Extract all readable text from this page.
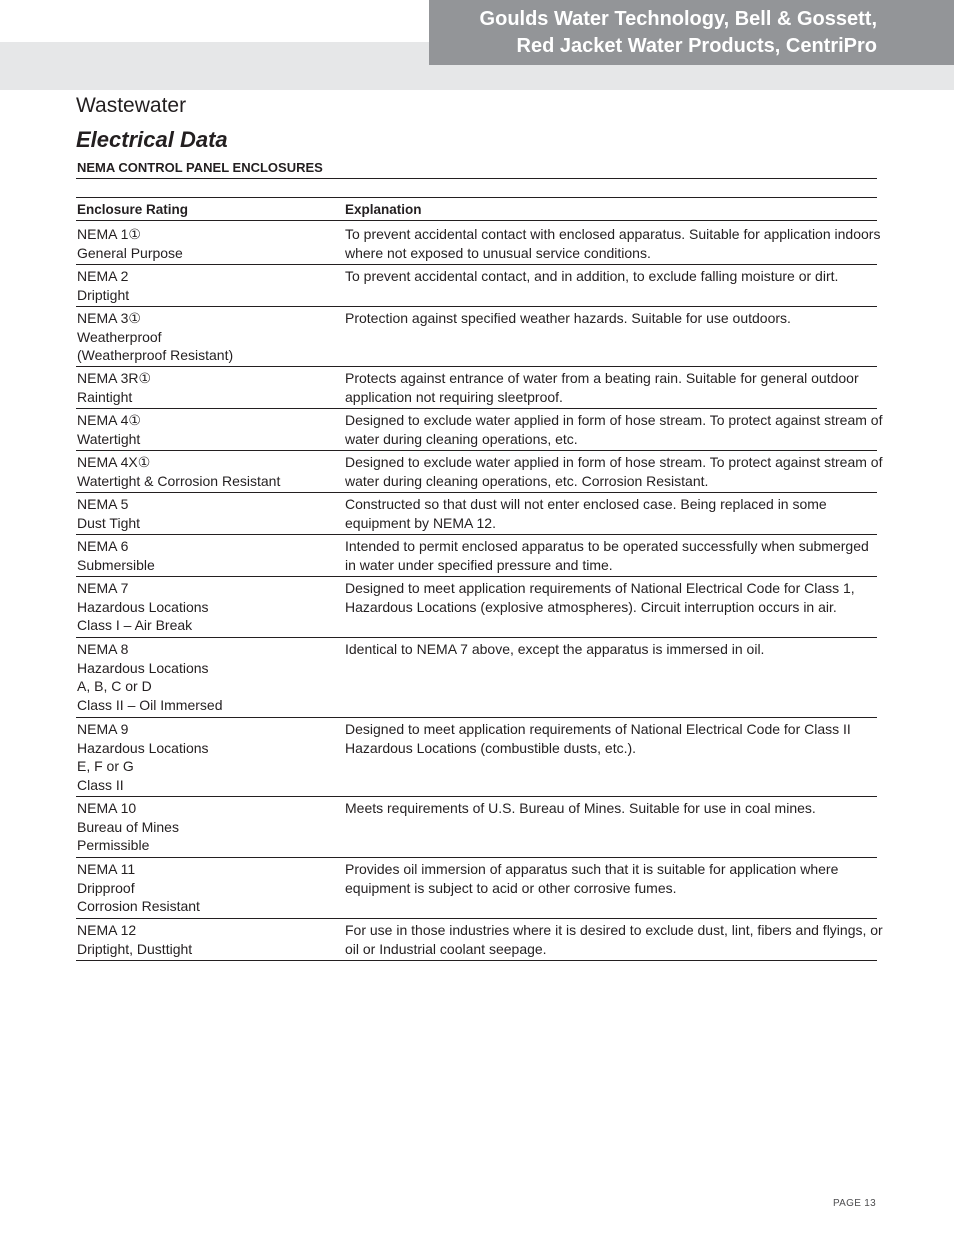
Wastewater
Goulds Water Technology, Bell & Gossett,
Red Jacket Water Products, CentriPro
Electrical Data
NEMA CONTROL PANEL ENCLOSURES
Enclosure Rating	Explanation
NEMA 1①
General Purpose
To prevent accidental contact with enclosed apparatus. Suitable for application indoors
where not exposed to unusual service conditions.
NEMA 2
Driptight
To prevent accidental contact, and in addition, to exclude falling moisture or dirt.
NEMA 3①
Weatherproof
(Weatherproof Resistant)
Protection against specified weather hazards. Suitable for use outdoors.
NEMA 3R①
Raintight
Protects against entrance of water from a beating rain. Suitable for general outdoor
application not requiring sleetproof.
NEMA 4①
Watertight
Designed to exclude water applied in form of hose stream. To protect against stream of
water during cleaning operations, etc.
NEMA 4X①
Watertight & Corrosion Resistant
Designed to exclude water applied in form of hose stream. To protect against stream of
water during cleaning operations, etc. Corrosion Resistant.
NEMA 5
Dust Tight
Constructed so that dust will not enter enclosed case. Being replaced in some
equipment by NEMA 12.
NEMA 6
Submersible
Intended to permit enclosed apparatus to be operated successfully when submerged
in water under specified pressure and time.
NEMA 7
Hazardous Locations
Class I – Air Break
Designed to meet application requirements of National Electrical Code for Class 1,
Hazardous Locations (explosive atmospheres). Circuit interruption occurs in air.
NEMA 8
Hazardous Locations
A, B, C or D
Class II – Oil Immersed
Identical to NEMA 7 above, except the apparatus is immersed in oil.
NEMA 9
Hazardous Locations
E, F or G
Class II
Designed to meet application requirements of National Electrical Code for Class II
Hazardous Locations (combustible dusts, etc.).
NEMA 10
Bureau of Mines
Permissible
Meets requirements of U.S. Bureau of Mines. Suitable for use in coal mines.
NEMA 11
Dripproof
Corrosion Resistant
Provides oil immersion of apparatus such that it is suitable for application where
equipment is subject to acid or other corrosive fumes.
NEMA 12
Driptight, Dusttight
For use in those industries where it is desired to exclude dust, lint, fibers and flyings, or
oil or Industrial coolant seepage.
PAGE 13
